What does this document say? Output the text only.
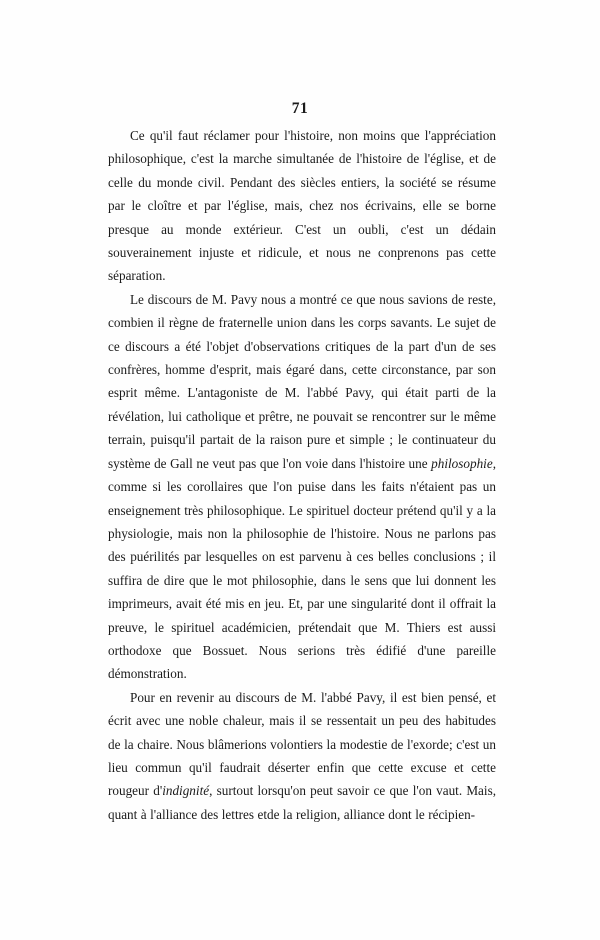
71

Ce qu'il faut réclamer pour l'histoire, non moins que l'appréciation philosophique, c'est la marche simultanée de l'histoire de l'église, et de celle du monde civil. Pendant des siècles entiers, la société se résume par le cloître et par l'église, mais, chez nos écrivains, elle se borne presque au monde extérieur. C'est un oubli, c'est un dédain souverainement injuste et ridicule, et nous ne conprenons pas cette séparation.

Le discours de M. Pavy nous a montré ce que nous savions de reste, combien il règne de fraternelle union dans les corps savants. Le sujet de ce discours a été l'objet d'observations critiques de la part d'un de ses confrères, homme d'esprit, mais égaré dans, cette circonstance, par son esprit même. L'antagoniste de M. l'abbé Pavy, qui était parti de la révélation, lui catholique et prêtre, ne pouvait se rencontrer sur le même terrain, puisqu'il partait de la raison pure et simple ; le continuateur du système de Gall ne veut pas que l'on voie dans l'histoire une philosophie, comme si les corollaires que l'on puise dans les faits n'étaient pas un enseignement très philosophique. Le spirituel docteur prétend qu'il y a la physiologie, mais non la philosophie de l'histoire. Nous ne parlons pas des puérilités par lesquelles on est parvenu à ces belles conclusions ; il suffira de dire que le mot philosophie, dans le sens que lui donnent les imprimeurs, avait été mis en jeu. Et, par une singularité dont il offrait la preuve, le spirituel académicien, prétendait que M. Thiers est aussi orthodoxe que Bossuet. Nous serions très édifié d'une pareille démonstration.

Pour en revenir au discours de M. l'abbé Pavy, il est bien pensé, et écrit avec une noble chaleur, mais il se ressentait un peu des habitudes de la chaire. Nous blâmerions volontiers la modestie de l'exorde; c'est un lieu commun qu'il faudrait déserter enfin que cette excuse et cette rougeur d'indignité, surtout lorsqu'on peut savoir ce que l'on vaut. Mais, quant à l'alliance des lettres etde la religion, alliance dont le récipien-
